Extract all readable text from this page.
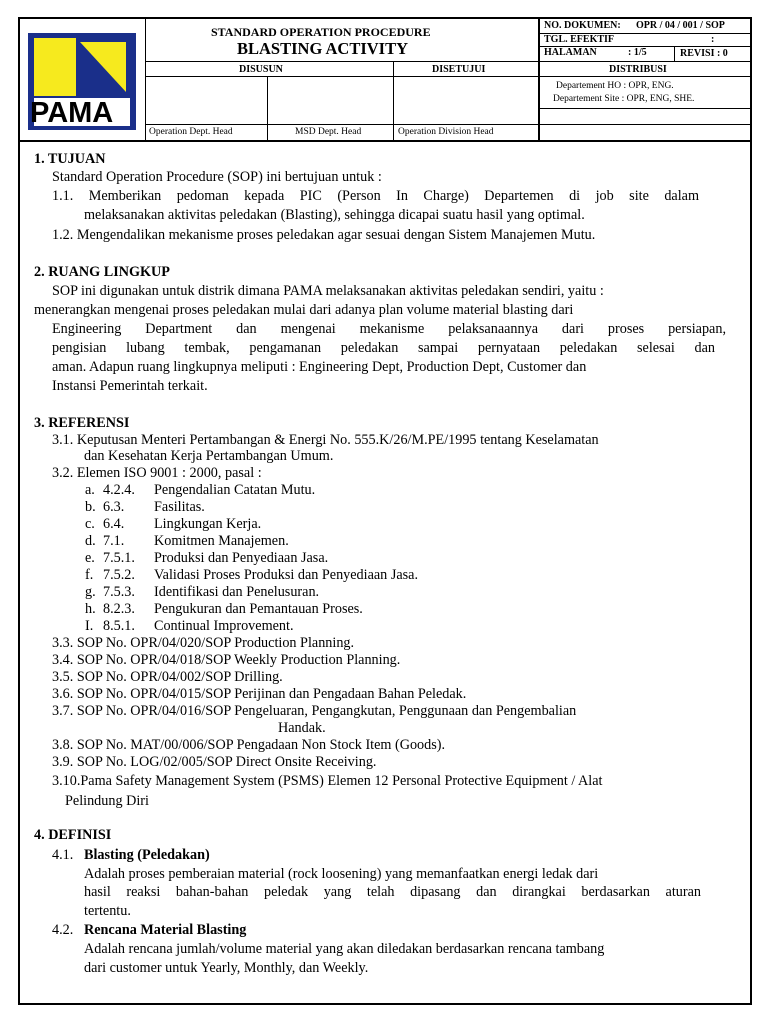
PAMA
STANDARD OPERATION PROCEDURE
BLASTING ACTIVITY
NO. DOKUMEN: OPR / 04 / 001 / SOP
TGL. EFEKTIF	:
HALAMAN	: 1/5	REVISI : 0
DISUSUN	DISETUJUI	DISTRIBUSI
Departement HO : OPR, ENG.
Departement Site : OPR, ENG, SHE.
Operation Dept. Head	MSD Dept. Head	Operation Division Head
1. TUJUAN
Standard Operation Procedure (SOP) ini bertujuan untuk :
1.1. Memberikan pedoman kepada PIC (Person In Charge) Departemen di job site dalam
melaksanakan aktivitas peledakan (Blasting), sehingga dicapai suatu hasil yang optimal.
1.2. Mengendalikan mekanisme proses peledakan agar sesuai dengan Sistem Manajemen Mutu.
2. RUANG LINGKUP
SOP ini digunakan untuk distrik dimana PAMA melaksanakan aktivitas peledakan sendiri, yaitu :
menerangkan mengenai proses peledakan mulai dari adanya plan volume material blasting dari
Engineering Department dan mengenai mekanisme pelaksanaannya dari proses persiapan,
pengisian lubang tembak, pengamanan peledakan sampai pernyataan peledakan selesai dan
aman. Adapun ruang lingkupnya meliputi : Engineering Dept, Production Dept, Customer dan
Instansi Pemerintah terkait.
3. REFERENSI
3.1. Keputusan Menteri Pertambangan & Energi No. 555.K/26/M.PE/1995 tentang Keselamatan
dan Kesehatan Kerja Pertambangan Umum.
3.2. Elemen ISO 9001 : 2000, pasal :
a. 4.2.4. Pengendalian Catatan Mutu.
b. 6.3. Fasilitas.
c. 6.4. Lingkungan Kerja.
d. 7.1. Komitmen Manajemen.
e. 7.5.1. Produksi dan Penyediaan Jasa.
f. 7.5.2. Validasi Proses Produksi dan Penyediaan Jasa.
g. 7.5.3. Identifikasi dan Penelusuran.
h. 8.2.3. Pengukuran dan Pemantauan Proses.
I. 8.5.1. Continual Improvement.
3.3. SOP No. OPR/04/020/SOP Production Planning.
3.4. SOP No. OPR/04/018/SOP Weekly Production Planning.
3.5. SOP No. OPR/04/002/SOP Drilling.
3.6. SOP No. OPR/04/015/SOP Perijinan dan Pengadaan Bahan Peledak.
3.7. SOP No. OPR/04/016/SOP Pengeluaran, Pengangkutan, Penggunaan dan Pengembalian
Handak.
3.8. SOP No. MAT/00/006/SOP Pengadaan Non Stock Item (Goods).
3.9. SOP No. LOG/02/005/SOP Direct Onsite Receiving.
3.10.Pama Safety Management System (PSMS) Elemen 12 Personal Protective Equipment / Alat
Pelindung Diri
4. DEFINISI
4.1. Blasting (Peledakan)
Adalah proses pemberaian material (rock loosening) yang memanfaatkan energi ledak dari
hasil reaksi bahan-bahan peledak yang telah dipasang dan dirangkai berdasarkan aturan
tertentu.
4.2. Rencana Material Blasting
Adalah rencana jumlah/volume material yang akan diledakan berdasarkan rencana tambang
dari customer untuk Yearly, Monthly, dan Weekly.
